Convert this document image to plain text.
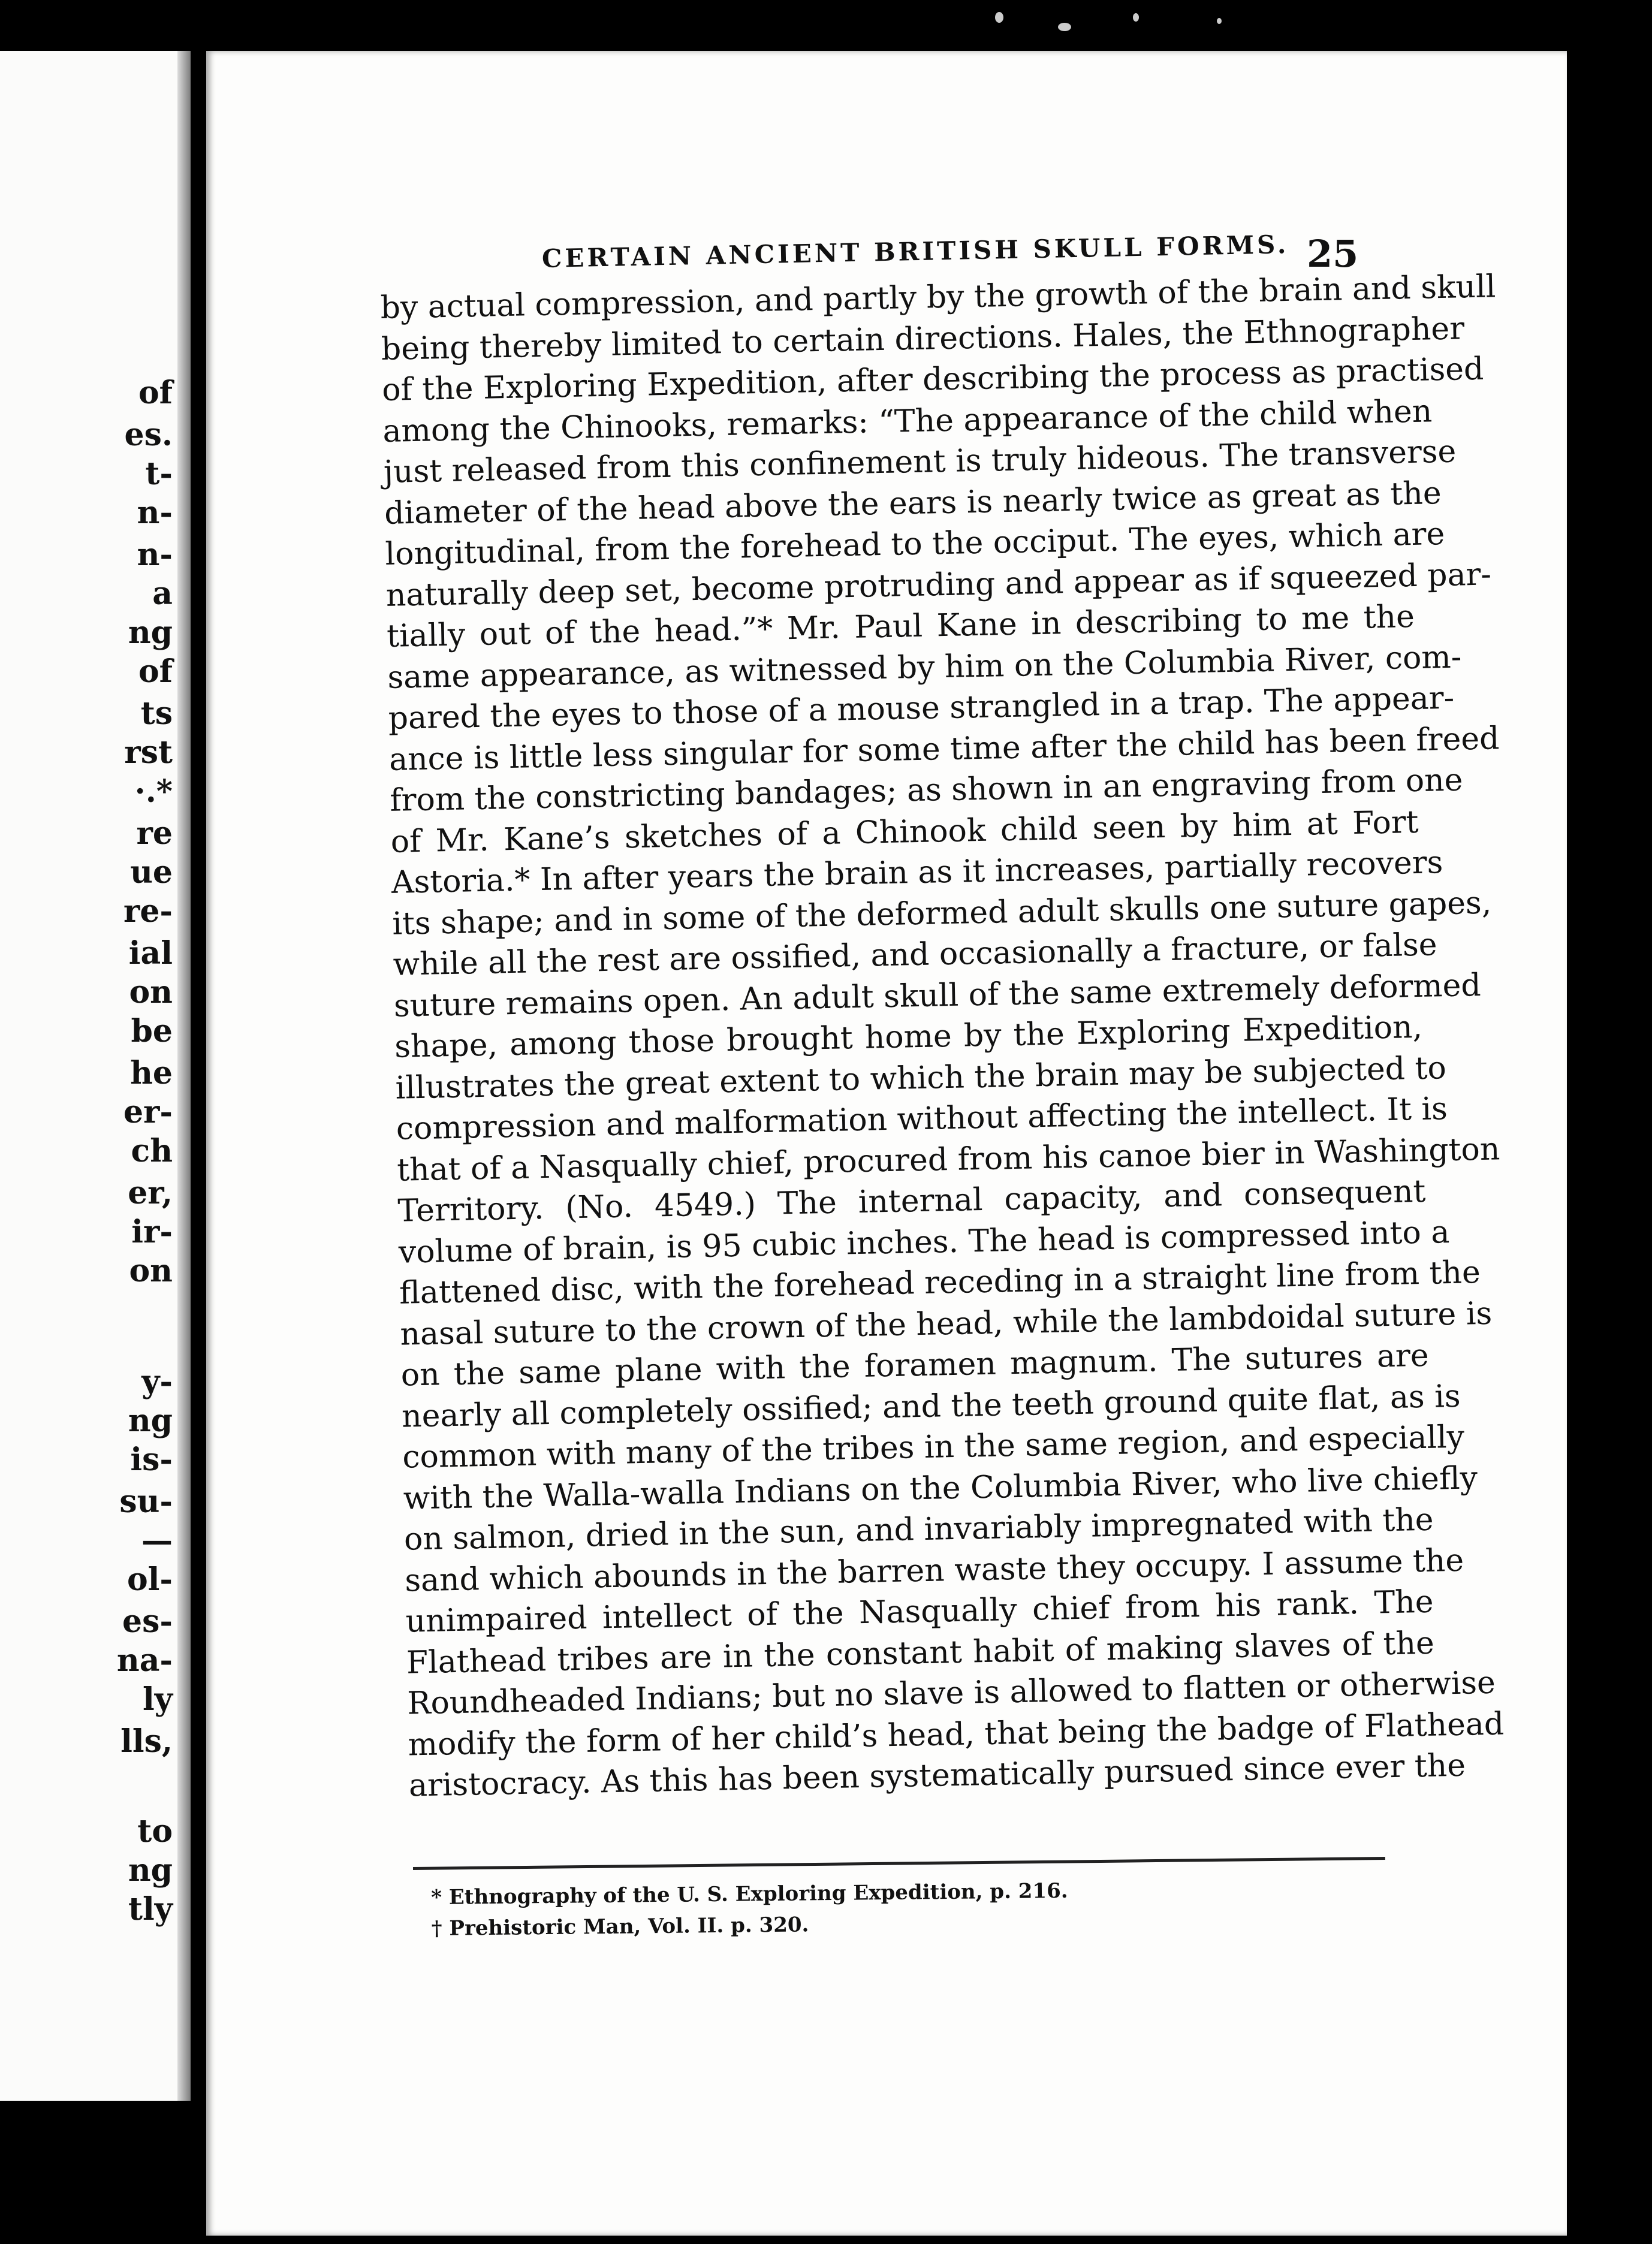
of
es.
t-
n-
n-
a
ng
of
ts
rst
·.*
re
ue
re-
ial
on
be
he
er-
ch
er,
ir-
on
y-
ng
is-
su-
—
ol-
es-
na-
ly
lls,
to
ng
tly
CERTAIN ANCIENT BRITISH SKULL FORMS. 25
by actual compression, and partly by the growth of the brain and skull
being thereby limited to certain directions. Hales, the Ethnographer
of the Exploring Expedition, after describing the process as practised
among the Chinooks, remarks: “The appearance of the child when
just released from this confinement is truly hideous. The transverse
diameter of the head above the ears is nearly twice as great as the
longitudinal, from the forehead to the occiput. The eyes, which are
naturally deep set, become protruding and appear as if squeezed par-
tially out of the head.”* Mr. Paul Kane in describing to me the
same appearance, as witnessed by him on the Columbia River, com-
pared the eyes to those of a mouse strangled in a trap. The appear-
ance is little less singular for some time after the child has been freed
from the constricting bandages; as shown in an engraving from one
of Mr. Kane’s sketches of a Chinook child seen by him at Fort
Astoria.* In after years the brain as it increases, partially recovers
its shape; and in some of the deformed adult skulls one suture gapes,
while all the rest are ossified, and occasionally a fracture, or false
suture remains open. An adult skull of the same extremely deformed
shape, among those brought home by the Exploring Expedition,
illustrates the great extent to which the brain may be subjected to
compression and malformation without affecting the intellect. It is
that of a Nasqually chief, procured from his canoe bier in Washington
Territory. (No. 4549.) The internal capacity, and consequent
volume of brain, is 95 cubic inches. The head is compressed into a
flattened disc, with the forehead receding in a straight line from the
nasal suture to the crown of the head, while the lambdoidal suture is
on the same plane with the foramen magnum. The sutures are
nearly all completely ossified; and the teeth ground quite flat, as is
common with many of the tribes in the same region, and especially
with the Walla-walla Indians on the Columbia River, who live chiefly
on salmon, dried in the sun, and invariably impregnated with the
sand which abounds in the barren waste they occupy. I assume the
unimpaired intellect of the Nasqually chief from his rank. The
Flathead tribes are in the constant habit of making slaves of the
Roundheaded Indians; but no slave is allowed to flatten or otherwise
modify the form of her child’s head, that being the badge of Flathead
aristocracy. As this has been systematically pursued since ever the
* Ethnography of the U. S. Exploring Expedition, p. 216.
† Prehistoric Man, Vol. II. p. 320.
